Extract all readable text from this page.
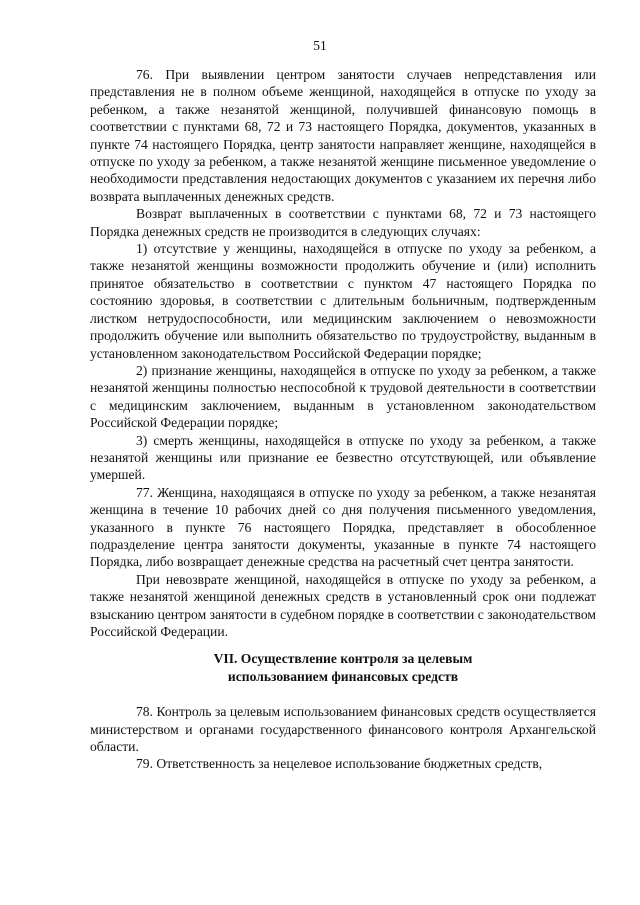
51

76. При выявлении центром занятости случаев непредставления или представления не в полном объеме женщиной, находящейся в отпуске по уходу за ребенком, а также незанятой женщиной, получившей финансовую помощь в соответствии с пунктами 68, 72 и 73 настоящего Порядка, документов, указанных в пункте 74 настоящего Порядка, центр занятости направляет женщине, находящейся в отпуске по уходу за ребенком, а также незанятой женщине письменное уведомление о необходимости представления недостающих документов с указанием их перечня либо возврата выплаченных денежных средств.

Возврат выплаченных в соответствии с пунктами 68, 72 и 73 настоящего Порядка денежных средств не производится в следующих случаях:

1) отсутствие у женщины, находящейся в отпуске по уходу за ребенком, а также незанятой женщины возможности продолжить обучение и (или) исполнить принятое обязательство в соответствии с пунктом 47 настоящего Порядка по состоянию здоровья, в соответствии с длительным больничным, подтвержденным листком нетрудоспособности, или медицинским заключением о невозможности продолжить обучение или выполнить обязательство по трудоустройству, выданным в установленном законодательством Российской Федерации порядке;

2) признание женщины, находящейся в отпуске по уходу за ребенком, а также незанятой женщины полностью неспособной к трудовой деятельности в соответствии с медицинским заключением, выданным в установленном законодательством Российской Федерации порядке;

3) смерть женщины, находящейся в отпуске по уходу за ребенком, а также незанятой женщины или признание ее безвестно отсутствующей, или объявление умершей.

77. Женщина, находящаяся в отпуске по уходу за ребенком, а также незанятая женщина в течение 10 рабочих дней со дня получения письменного уведомления, указанного в пункте 76 настоящего Порядка, представляет в обособленное подразделение центра занятости документы, указанные в пункте 74 настоящего Порядка, либо возвращает денежные средства на расчетный счет центра занятости.

При невозврате женщиной, находящейся в отпуске по уходу за ребенком, а также незанятой женщиной денежных средств в установленный срок они подлежат взысканию центром занятости в судебном порядке в соответствии с законодательством Российской Федерации.

VII. Осуществление контроля за целевым

использованием финансовых средств

78. Контроль за целевым использованием финансовых средств осуществляется министерством и органами государственного финансового контроля Архангельской области.

79. Ответственность за нецелевое использование бюджетных средств,
